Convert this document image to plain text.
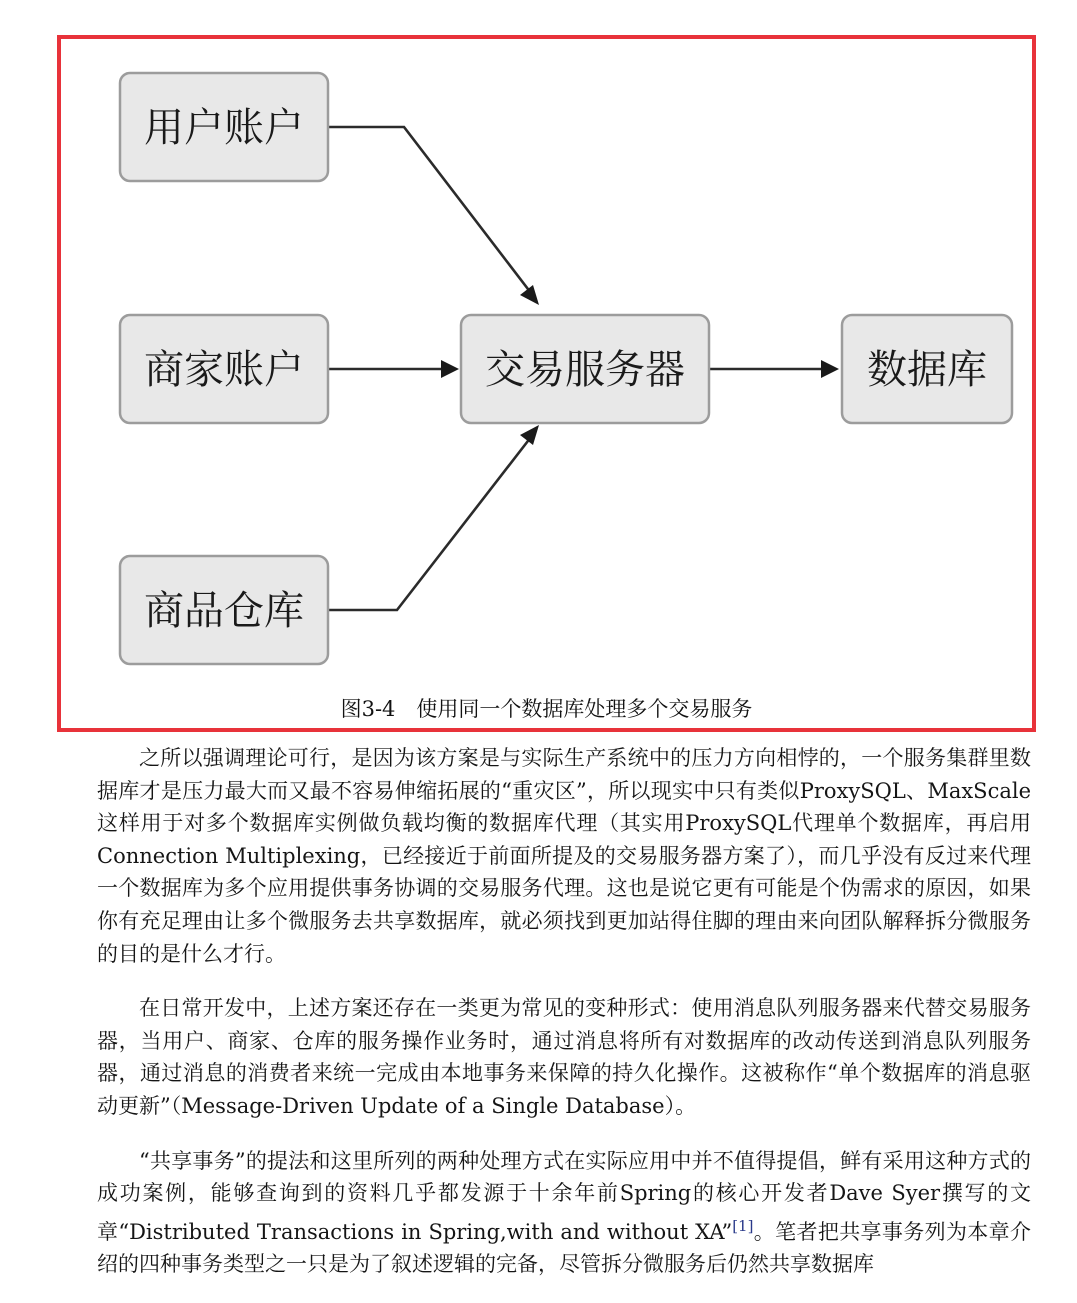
用户账户
商家账户
商品仓库
交易服务器	数据库
图3-4　使用同一个数据库处理多个交易服务

之所以强调理论可行，是因为该方案是与实际生产系统中的压力方向相悖的，一个服务集群里数据库才是压力最大而又最不容易伸缩拓展的“重灾区”，所以现实中只有类似ProxySQL、MaxScale这样用于对多个数据库实例做负载均衡的数据库代理（其实用ProxySQL代理单个数据库，再启用Connection Multiplexing，已经接近于前面所提及的交易服务器方案了），而几乎没有反过来代理一个数据库为多个应用提供事务协调的交易服务代理。这也是说它更有可能是个伪需求的原因，如果你有充足理由让多个微服务去共享数据库，就必须找到更加站得住脚的理由来向团队解释拆分微服务的目的是什么才行。

在日常开发中，上述方案还存在一类更为常见的变种形式：使用消息队列服务器来代替交易服务器，当用户、商家、仓库的服务操作业务时，通过消息将所有对数据库的改动传送到消息队列服务器，通过消息的消费者来统一完成由本地事务来保障的持久化操作。这被称作“单个数据库的消息驱动更新”（Message-Driven Update of a Single Database）。

“共享事务”的提法和这里所列的两种处理方式在实际应用中并不值得提倡，鲜有采用这种方式的成功案例，能够查询到的资料几乎都发源于十余年前Spring的核心开发者Dave Syer撰写的文章“Distributed Transactions in Spring,with and without XA”[1]。笔者把共享事务列为本章介绍的四种事务类型之一只是为了叙述逻辑的完备，尽管拆分微服务后仍然共享数据库
